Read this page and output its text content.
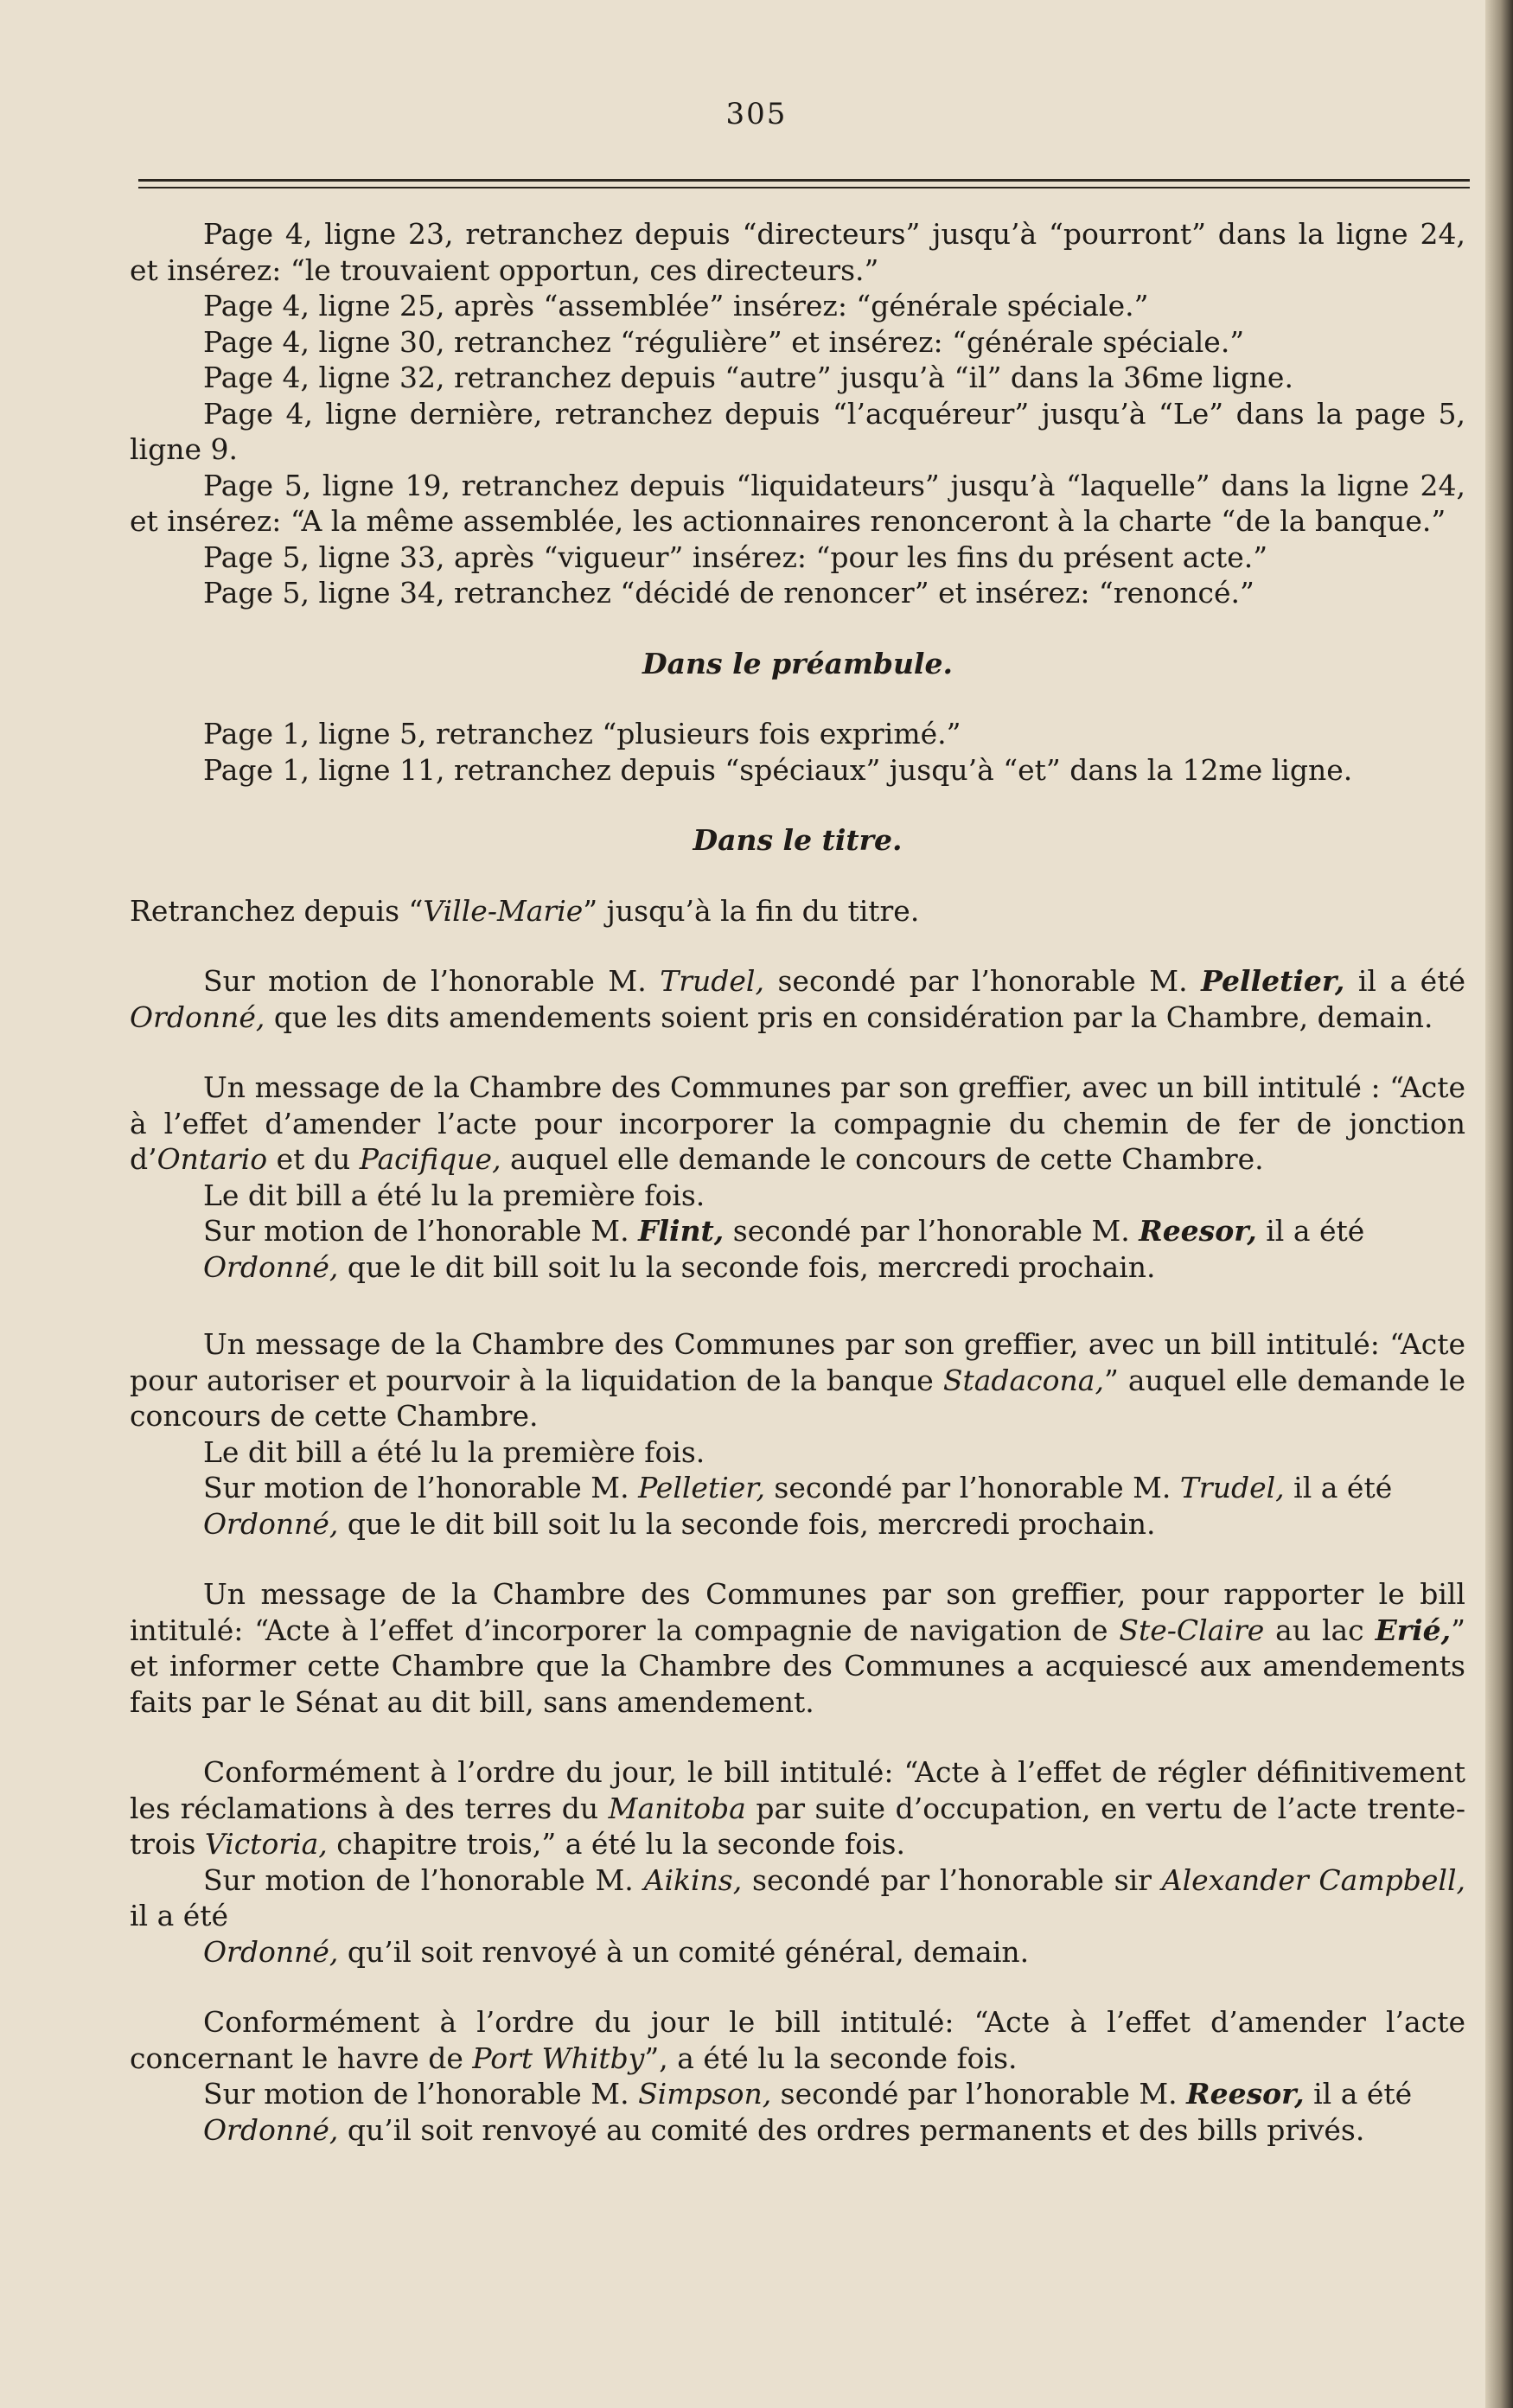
305

Page 4, ligne 23, retranchez depuis “directeurs” jusqu’à “pourront” dans la ligne 24, et insérez: “le trouvaient opportun, ces directeurs.”

Page 4, ligne 25, après “assemblée” insérez: “générale spéciale.”

Page 4, ligne 30, retranchez “régulière” et insérez: “générale spéciale.”

Page 4, ligne 32, retranchez depuis “autre” jusqu’à “il” dans la 36me ligne.

Page 4, ligne dernière, retranchez depuis “l’acquéreur” jusqu’à “Le” dans la page 5, ligne 9.

Page 5, ligne 19, retranchez depuis “liquidateurs” jusqu’à “laquelle” dans la ligne 24, et insérez: “A la même assemblée, les actionnaires renonceront à la charte “de la banque.”

Page 5, ligne 33, après “vigueur” insérez: “pour les fins du présent acte.”

Page 5, ligne 34, retranchez “décidé de renoncer” et insérez: “renoncé.”

Dans le préambule.

Page 1, ligne 5, retranchez “plusieurs fois exprimé.”

Page 1, ligne 11, retranchez depuis “spéciaux” jusqu’à “et” dans la 12me ligne.

Dans le titre.

Retranchez depuis “Ville-Marie” jusqu’à la fin du titre.

Sur motion de l’honorable M. Trudel, secondé par l’honorable M. Pelletier, il a été Ordonné, que les dits amendements soient pris en considération par la Chambre, demain.

Un message de la Chambre des Communes par son greffier, avec un bill intitulé : “Acte à l’effet d’amender l’acte pour incorporer la compagnie du chemin de fer de jonction d’Ontario et du Pacifique, auquel elle demande le concours de cette Chambre.

Le dit bill a été lu la première fois.

Sur motion de l’honorable M. Flint, secondé par l’honorable M. Reesor, il a été

Ordonné, que le dit bill soit lu la seconde fois, mercredi prochain.

Un message de la Chambre des Communes par son greffier, avec un bill intitulé: “Acte pour autoriser et pourvoir à la liquidation de la banque Stadacona,” auquel elle demande le concours de cette Chambre.

Le dit bill a été lu la première fois.

Sur motion de l’honorable M. Pelletier, secondé par l’honorable M. Trudel, il a été

Ordonné, que le dit bill soit lu la seconde fois, mercredi prochain.

Un message de la Chambre des Communes par son greffier, pour rapporter le bill intitulé: “Acte à l’effet d’incorporer la compagnie de navigation de Ste-Claire au lac Erié,” et informer cette Chambre que la Chambre des Communes a acquiescé aux amendements faits par le Sénat au dit bill, sans amendement.

Conformément à l’ordre du jour, le bill intitulé: “Acte à l’effet de régler définitivement les réclamations à des terres du Manitoba par suite d’occupation, en vertu de l’acte trente-trois Victoria, chapitre trois,” a été lu la seconde fois.

Sur motion de l’honorable M. Aikins, secondé par l’honorable sir Alexander Campbell, il a été

Ordonné, qu’il soit renvoyé à un comité général, demain.

Conformément à l’ordre du jour le bill intitulé: “Acte à l’effet d’amender l’acte concernant le havre de Port Whitby”, a été lu la seconde fois.

Sur motion de l’honorable M. Simpson, secondé par l’honorable M. Reesor, il a été

Ordonné, qu’il soit renvoyé au comité des ordres permanents et des bills privés.
